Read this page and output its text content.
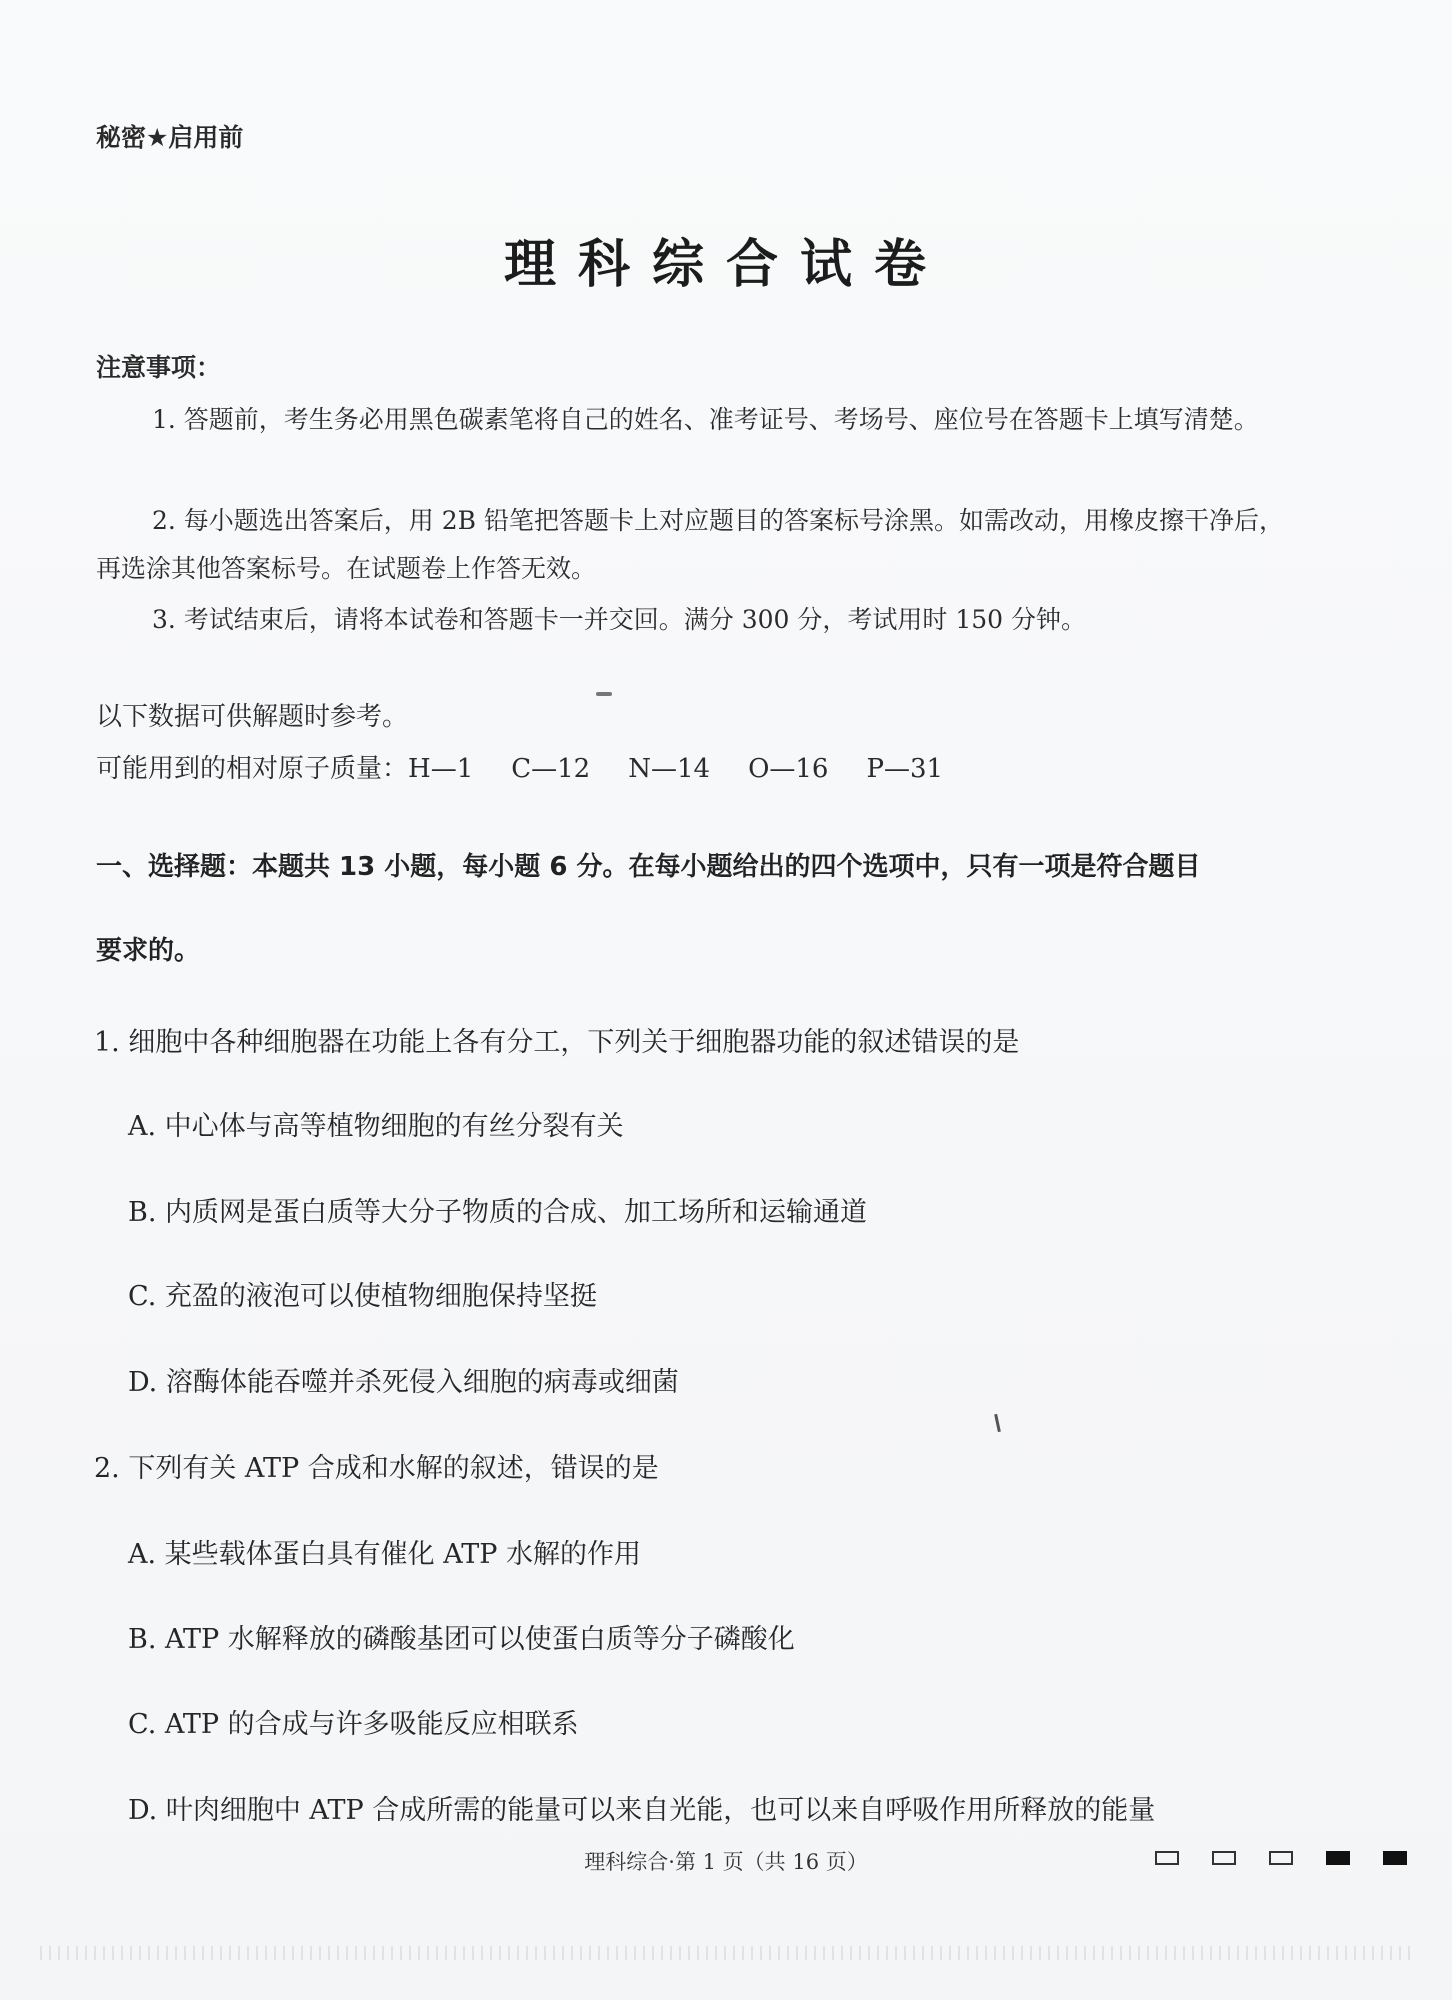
秘密★启用前
理科综合试卷
注意事项：
1. 答题前，考生务必用黑色碳素笔将自己的姓名、准考证号、考场号、座位号在答题卡上填写清楚。
2. 每小题选出答案后，用 2B 铅笔把答题卡上对应题目的答案标号涂黑。如需改动，用橡皮擦干净后，再选涂其他答案标号。在试题卷上作答无效。
3. 考试结束后，请将本试卷和答题卡一并交回。满分 300 分，考试用时 150 分钟。
以下数据可供解题时参考。
可能用到的相对原子质量：H—1 C—12 N—14 O—16 P—31
一、选择题：本题共 13 小题，每小题 6 分。在每小题给出的四个选项中，只有一项是符合题目
要求的。
1. 细胞中各种细胞器在功能上各有分工，下列关于细胞器功能的叙述错误的是
A. 中心体与高等植物细胞的有丝分裂有关
B. 内质网是蛋白质等大分子物质的合成、加工场所和运输通道
C. 充盈的液泡可以使植物细胞保持坚挺
D. 溶酶体能吞噬并杀死侵入细胞的病毒或细菌
2. 下列有关 ATP 合成和水解的叙述，错误的是
A. 某些载体蛋白具有催化 ATP 水解的作用
B. ATP 水解释放的磷酸基团可以使蛋白质等分子磷酸化
C. ATP 的合成与许多吸能反应相联系
D. 叶肉细胞中 ATP 合成所需的能量可以来自光能，也可以来自呼吸作用所释放的能量
理科综合·第 1 页（共 16 页）
